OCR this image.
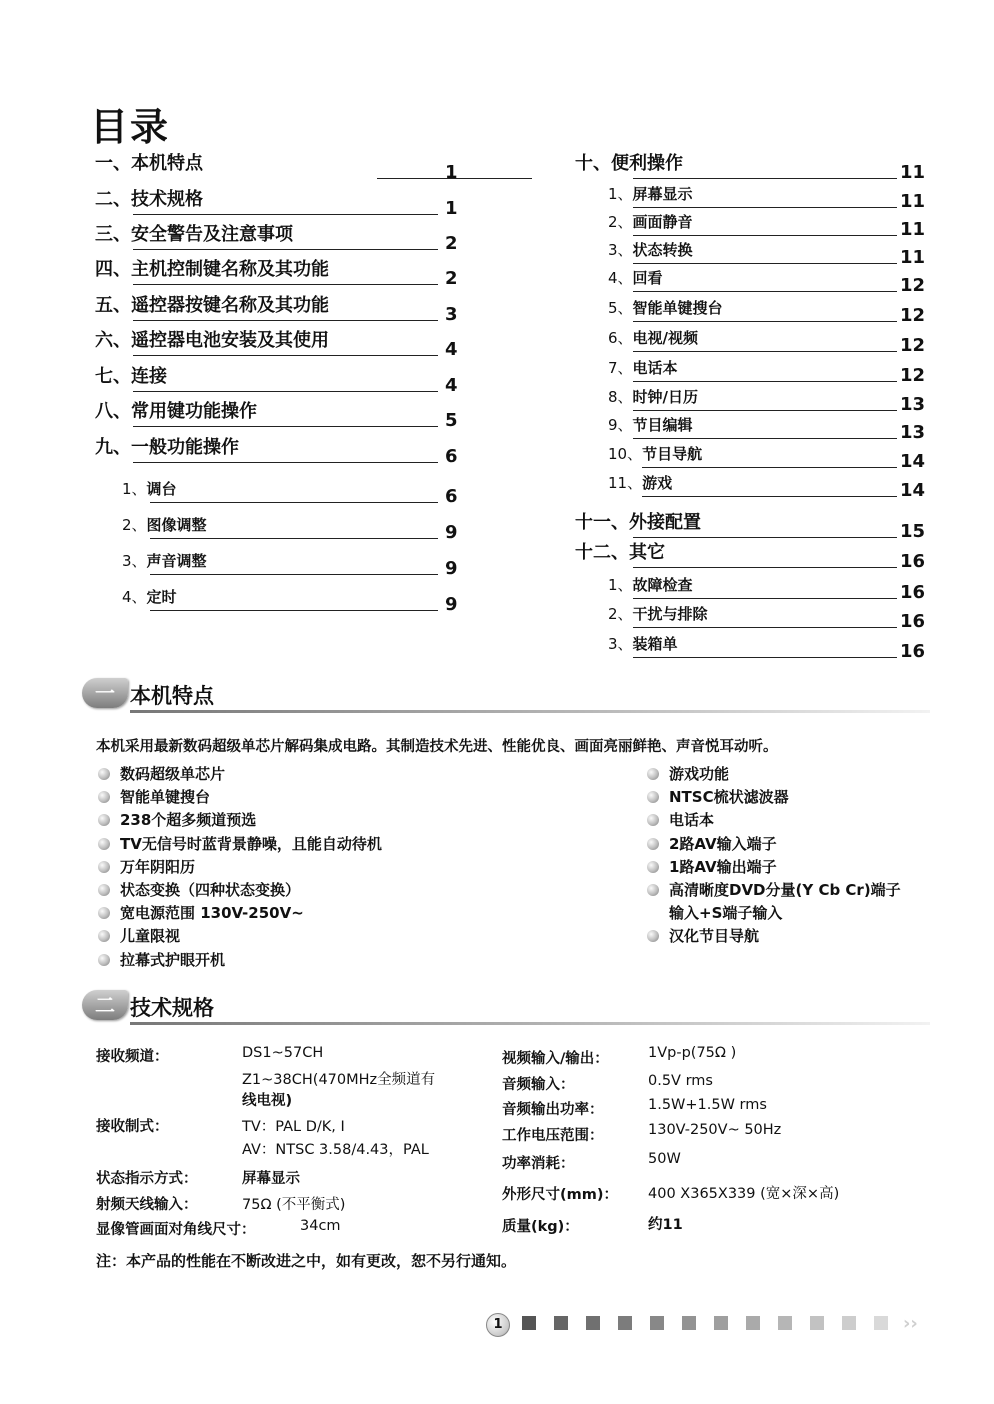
目录
一、本机特点	1
二、技术规格	1
三、安全警告及注意事项	2
四、主机控制键名称及其功能	2
五、遥控器按键名称及其功能	3
六、遥控器电池安装及其使用	4
七、连接	4
八、常用键功能操作	5
九、一般功能操作	6
1、调台	6
2、图像调整	9
3、声音调整	9
4、定时	9
十、便利操作	11
1、屏幕显示	11
2、画面静音	11
3、状态转换	11
4、回看	12
5、智能单键搜台	12
6、电视/视频	12
7、电话本	12
8、时钟/日历	13
9、节目编辑	13
10、节目导航	14
11、游戏	14
十一、外接配置	15
十二、其它	16
1、故障检查	16
2、干扰与排除	16
3、装箱单	16
一 本机特点
本机采用最新数码超级单芯片解码集成电路。其制造技术先进、性能优良、画面亮丽鲜艳、声音悦耳动听。
数码超级单芯片
智能单键搜台
238个超多频道预选
TV无信号时蓝背景静噪，且能自动待机
万年阴阳历
状态变换（四种状态变换）
宽电源范围 130V-250V~
儿童限视
拉幕式护眼开机
游戏功能
NTSC梳状滤波器
电话本
2路AV输入端子
1路AV输出端子
高清晰度DVD分量(Y Cb Cr)端子
输入+S端子输入
汉化节目导航
二 技术规格
接收频道：	DS1~57CH
Z1~38CH(470MHz全频道有
线电视)
接收制式：	TV：PAL D/K, I
AV：NTSC 3.58/4.43，PAL
状态指示方式：	屏幕显示
射频天线输入：	75Ω (不平衡式)
显像管画面对角线尺寸：	34cm
视频输入/输出：	1Vp-p(75Ω )
音频输入：	0.5V rms
音频输出功率：	1.5W+1.5W rms
工作电压范围：	130V-250V~ 50Hz
功率消耗：	50W
外形尺寸(mm)： 400 X365X339 (宽×深×高)
质量(kg)：	约11
注：本产品的性能在不断改进之中，如有更改，恕不另行通知。
1	››
